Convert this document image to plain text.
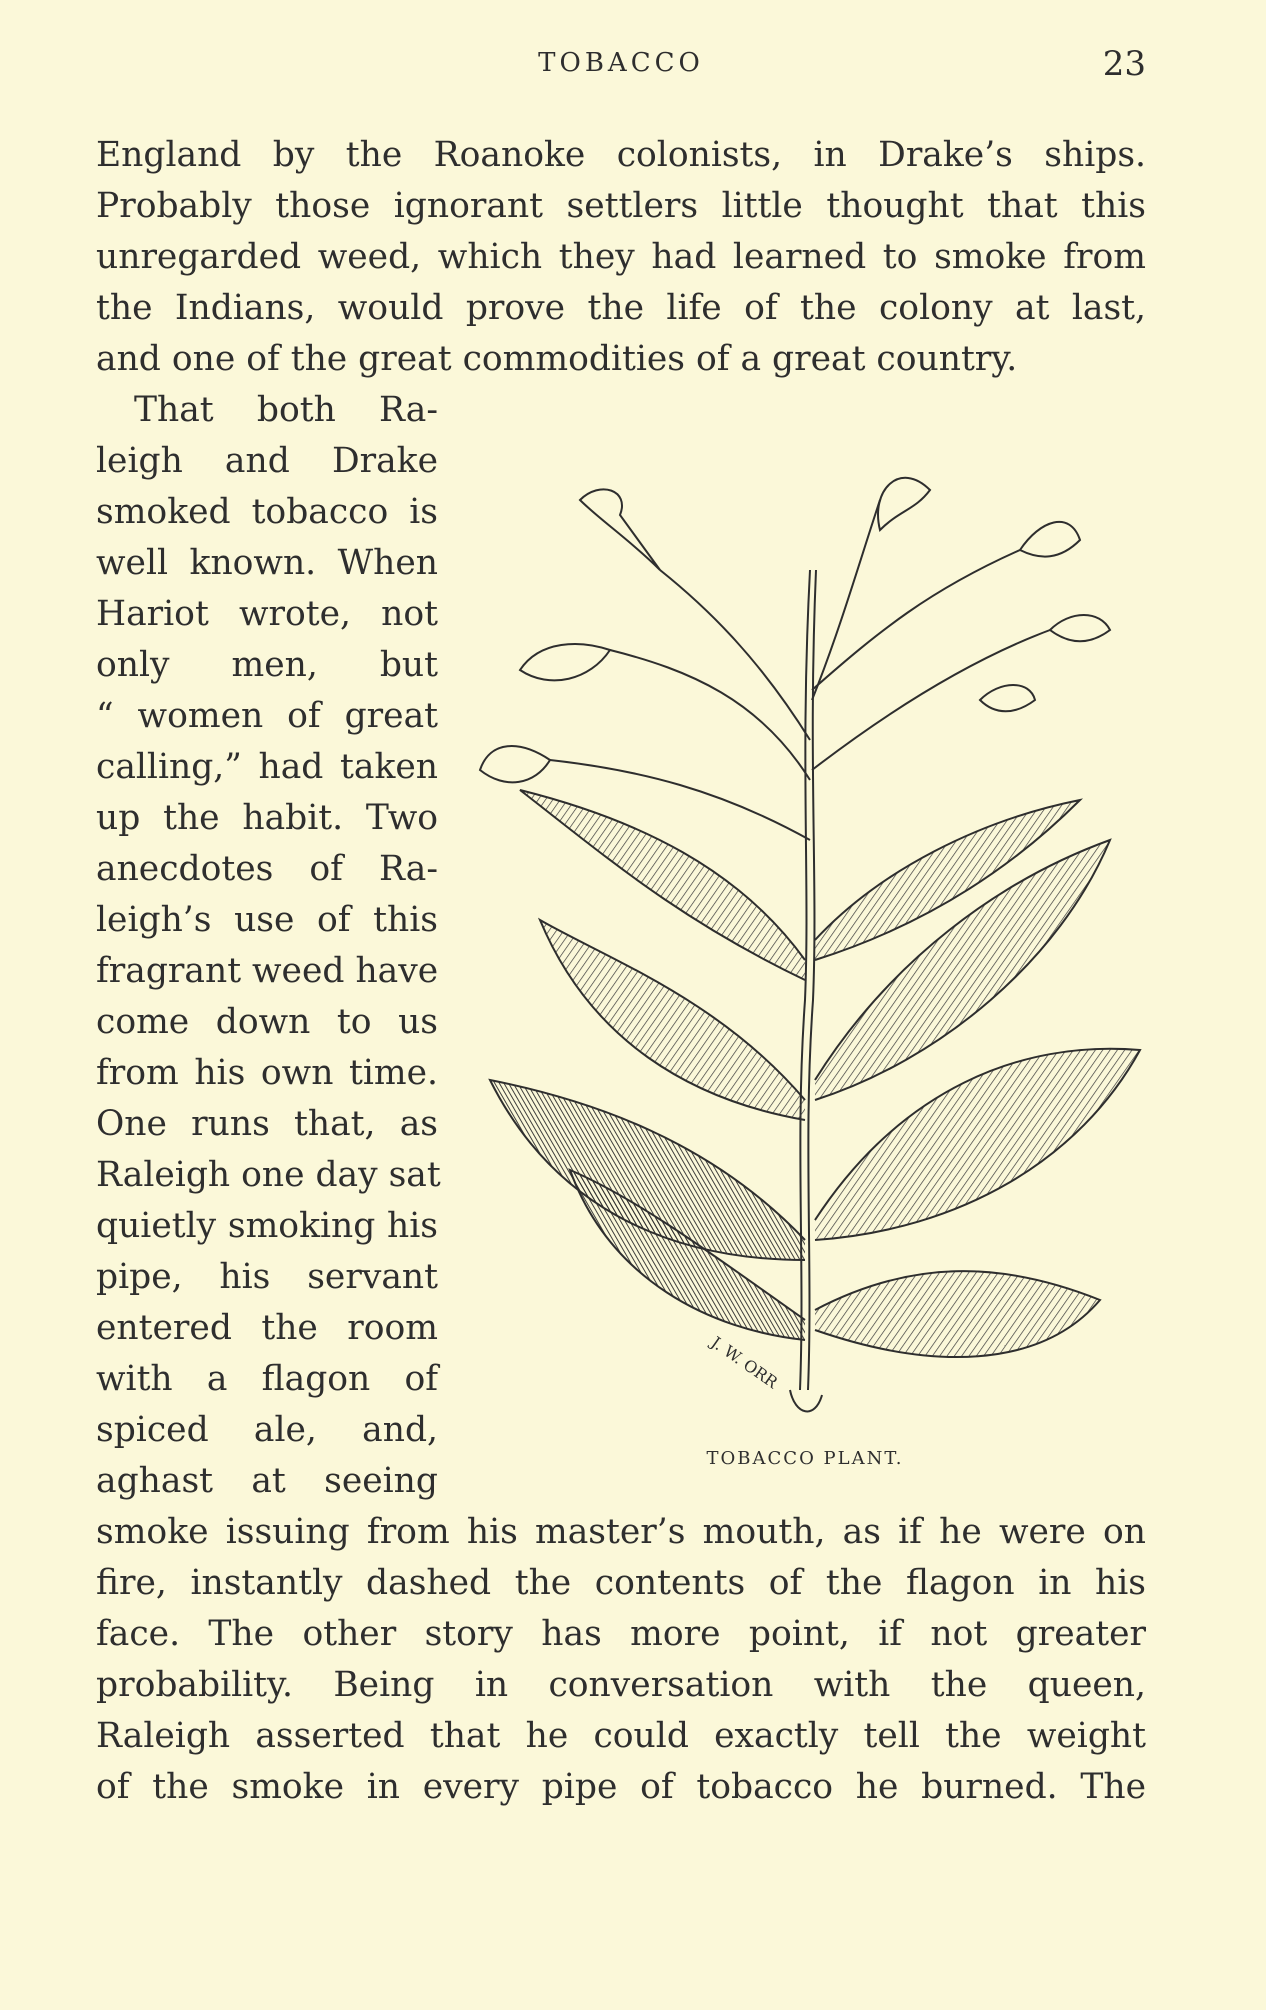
TOBACCO	23
England by the Roanoke colonists, in Drake’s ships.
Probably those ignorant settlers little thought that this
unregarded weed, which they had learned to smoke from
the Indians, would prove the life of the colony at last,
and one of the great commodities of a great country.
That both Ra-
leigh and Drake
smoked tobacco is
well known. When
Hariot wrote, not
only men, but
“ women of great
calling,” had taken
up the habit. Two
anecdotes of Ra-
leigh’s use of this
fragrant weed have
come down to us
from his own time.
One runs that, as
Raleigh one day sat
quietly smoking his
pipe, his servant
entered the room
with a flagon of
spiced ale, and,
aghast at seeing
smoke issuing from his master’s mouth, as if he were on
fire, instantly dashed the contents of the flagon in his
face. The other story has more point, if not greater
probability. Being in conversation with the queen,
Raleigh asserted that he could exactly tell the weight
of the smoke in every pipe of tobacco he burned. The
J. W. ORR
TOBACCO PLANT.
